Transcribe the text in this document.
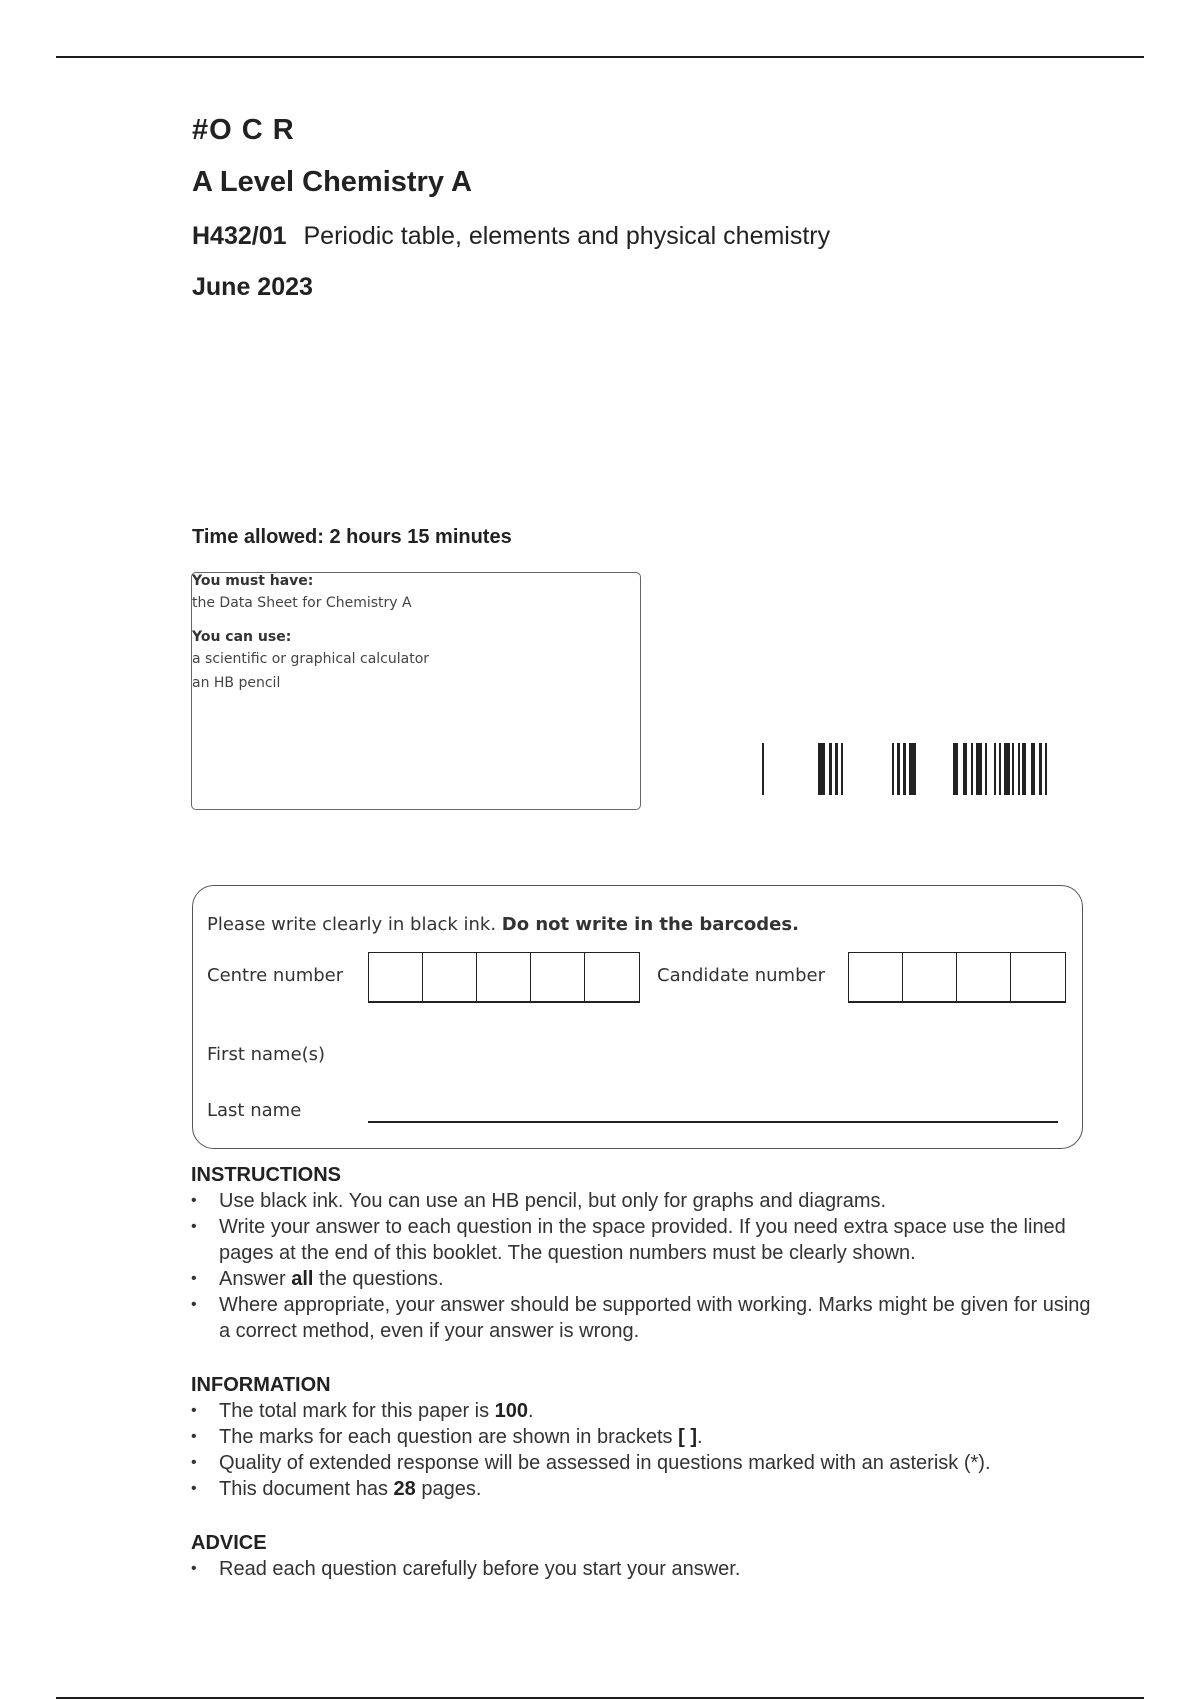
#O C R
A Level Chemistry A
H432/01 Periodic table, elements and physical chemistry
June 2023
Time allowed: 2 hours 15 minutes
You must have:
the Data Sheet for Chemistry A
You can use:
a scientific or graphical calculator
an HB pencil
Please write clearly in black ink. Do not write in the barcodes.
Centre number	Candidate number
First name(s)
Last name
INSTRUCTIONS
• Use black ink. You can use an HB pencil, but only for graphs and diagrams.
• Write your answer to each question in the space provided. If you need extra space use the lined pages at the end of this booklet. The question numbers must be clearly shown.
• Answer all the questions.
• Where appropriate, your answer should be supported with working. Marks might be given for using a correct method, even if your answer is wrong.
INFORMATION
• The total mark for this paper is 100.
• The marks for each question are shown in brackets [ ].
• Quality of extended response will be assessed in questions marked with an asterisk (*).
• This document has 28 pages.
ADVICE
• Read each question carefully before you start your answer.
